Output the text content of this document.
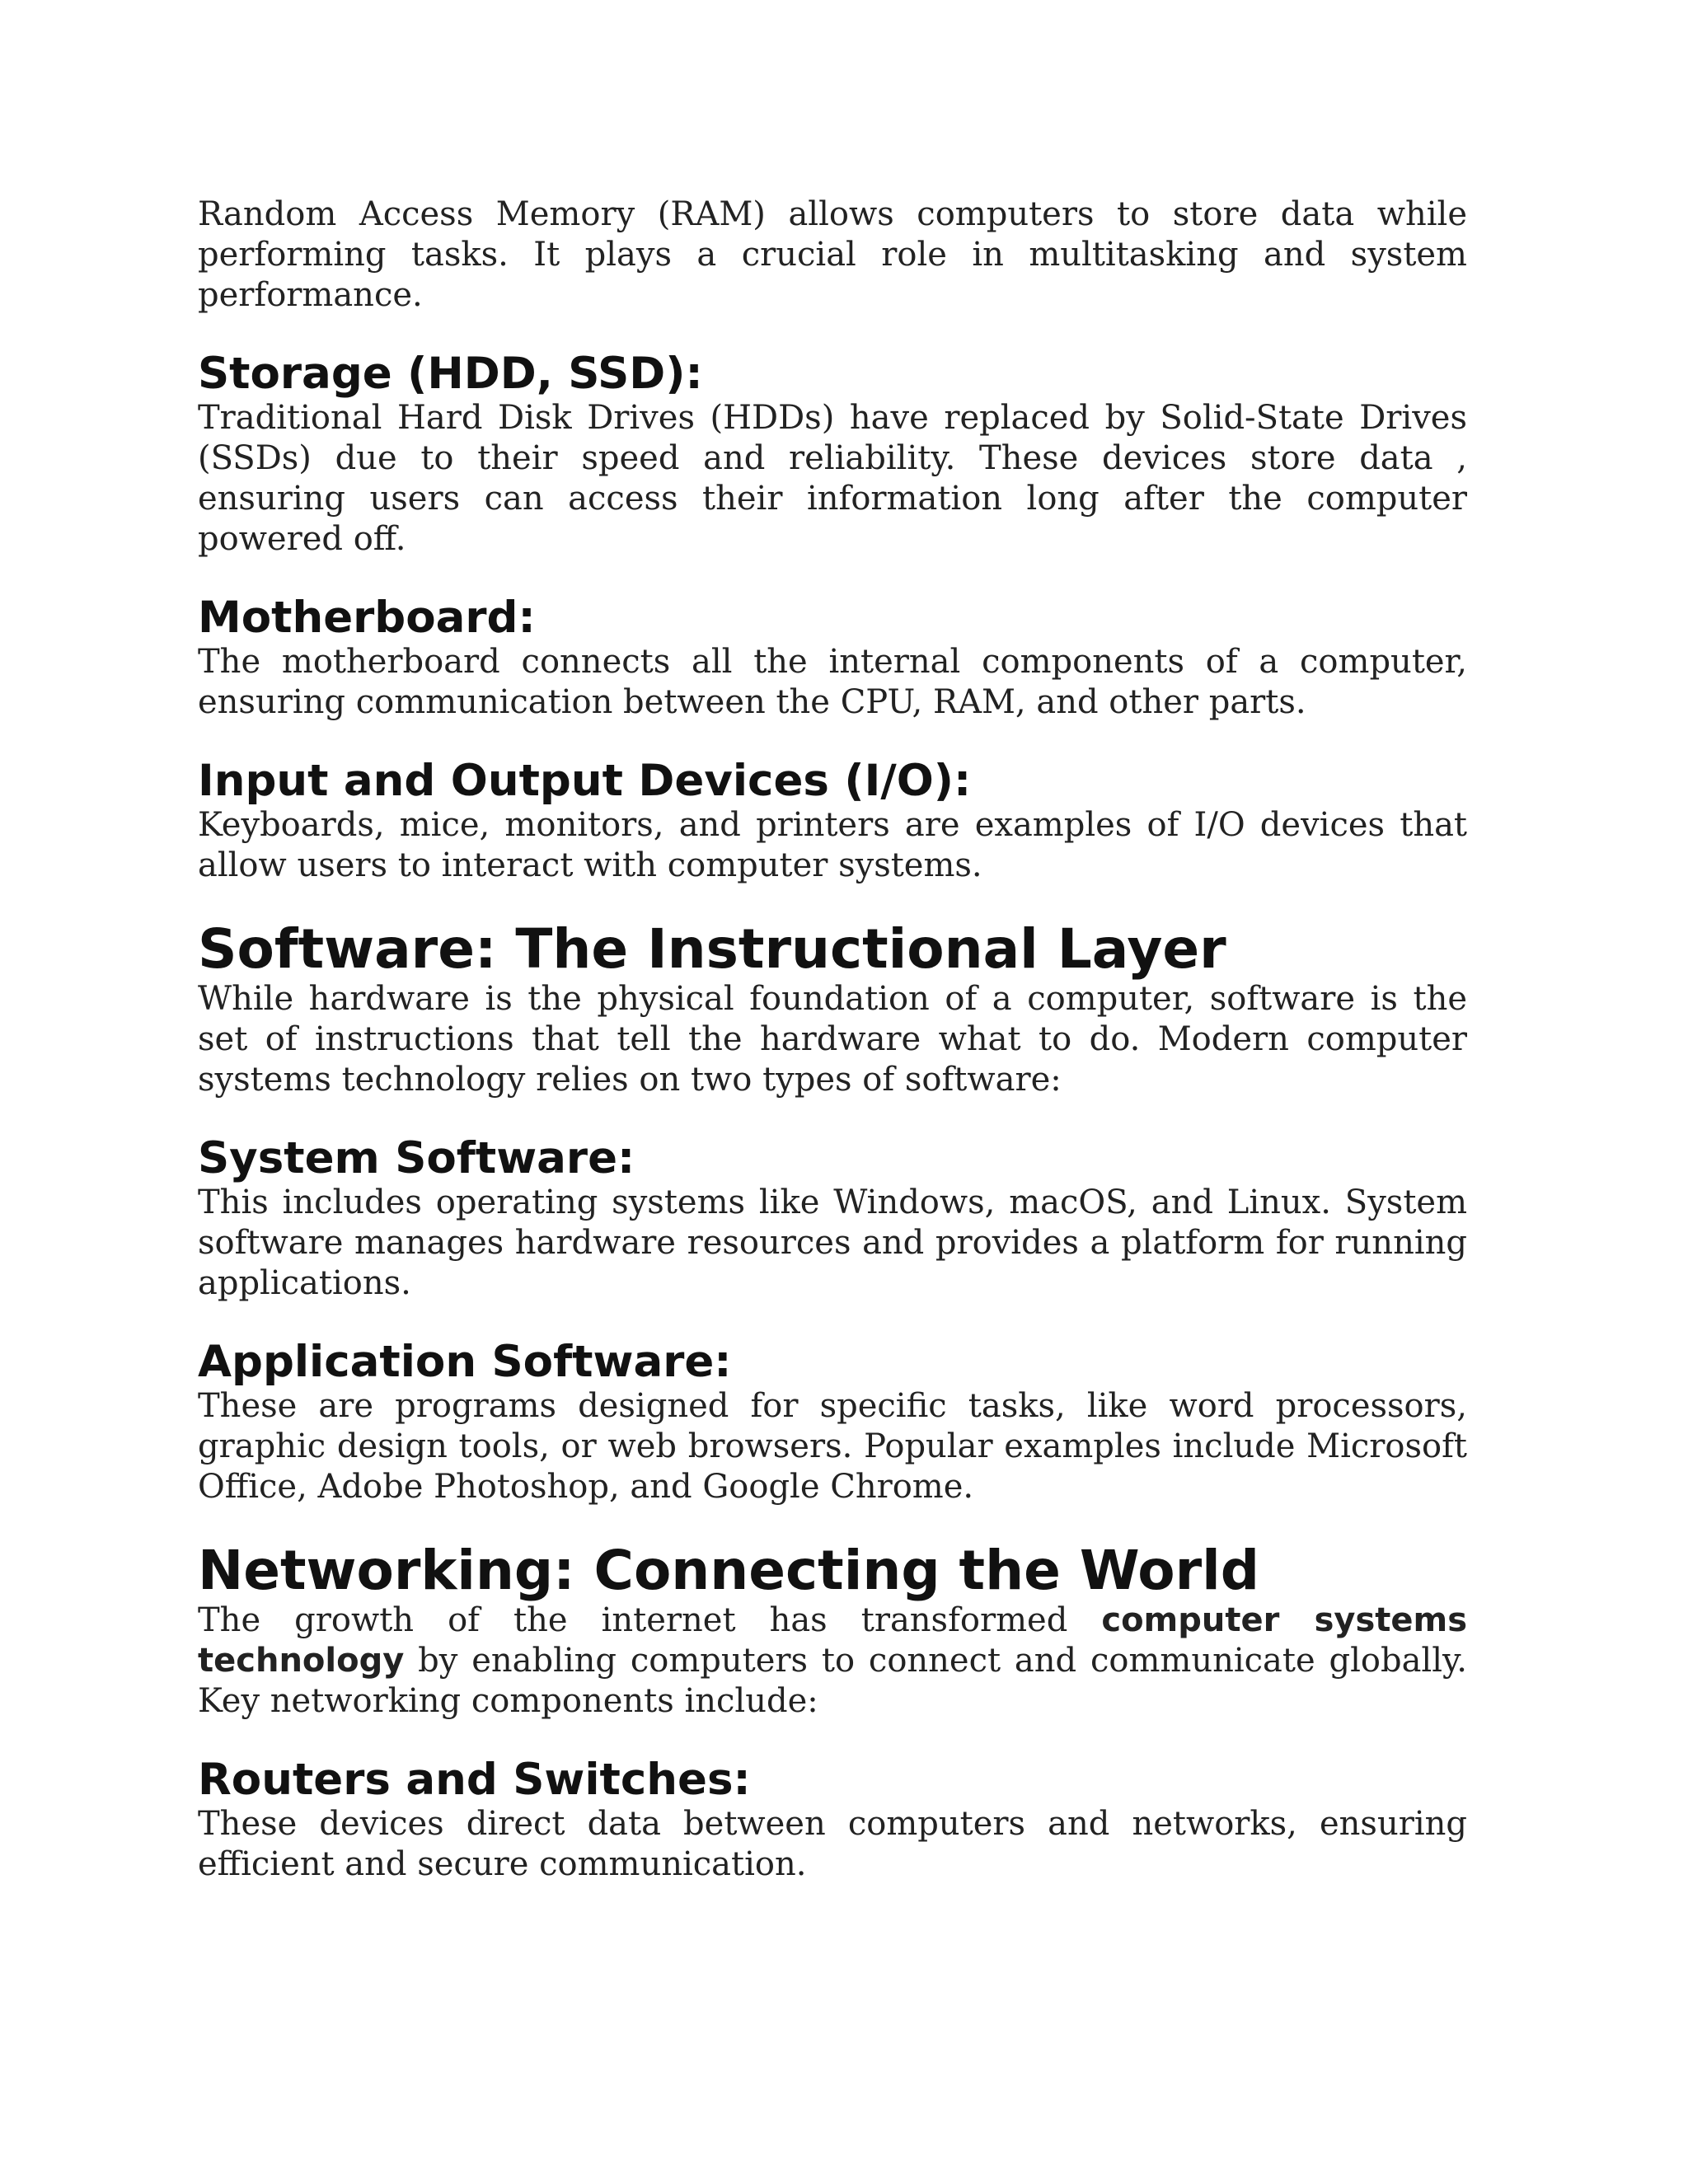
Random Access Memory (RAM) allows computers to store data while performing tasks. It plays a crucial role in multitasking and system performance.

Storage (HDD, SSD):

Traditional Hard Disk Drives (HDDs) have replaced by Solid-State Drives (SSDs) due to their speed and reliability. These devices store data , ensuring users can access their information long after the computer powered off.

Motherboard:

The motherboard connects all the internal components of a computer, ensuring communication between the CPU, RAM, and other parts.

Input and Output Devices (I/O):

Keyboards, mice, monitors, and printers are examples of I/O devices that allow users to interact with computer systems.

Software: The Instructional Layer

While hardware is the physical foundation of a computer, software is the set of instructions that tell the hardware what to do. Modern computer systems technology relies on two types of software:

System Software:

This includes operating systems like Windows, macOS, and Linux. System software manages hardware resources and provides a platform for running applications.

Application Software:

These are programs designed for specific tasks, like word processors, graphic design tools, or web browsers. Popular examples include Microsoft Office, Adobe Photoshop, and Google Chrome.

Networking: Connecting the World

The growth of the internet has transformed computer systems technology by enabling computers to connect and communicate globally. Key networking components include:

Routers and Switches:

These devices direct data between computers and networks, ensuring efficient and secure communication.
